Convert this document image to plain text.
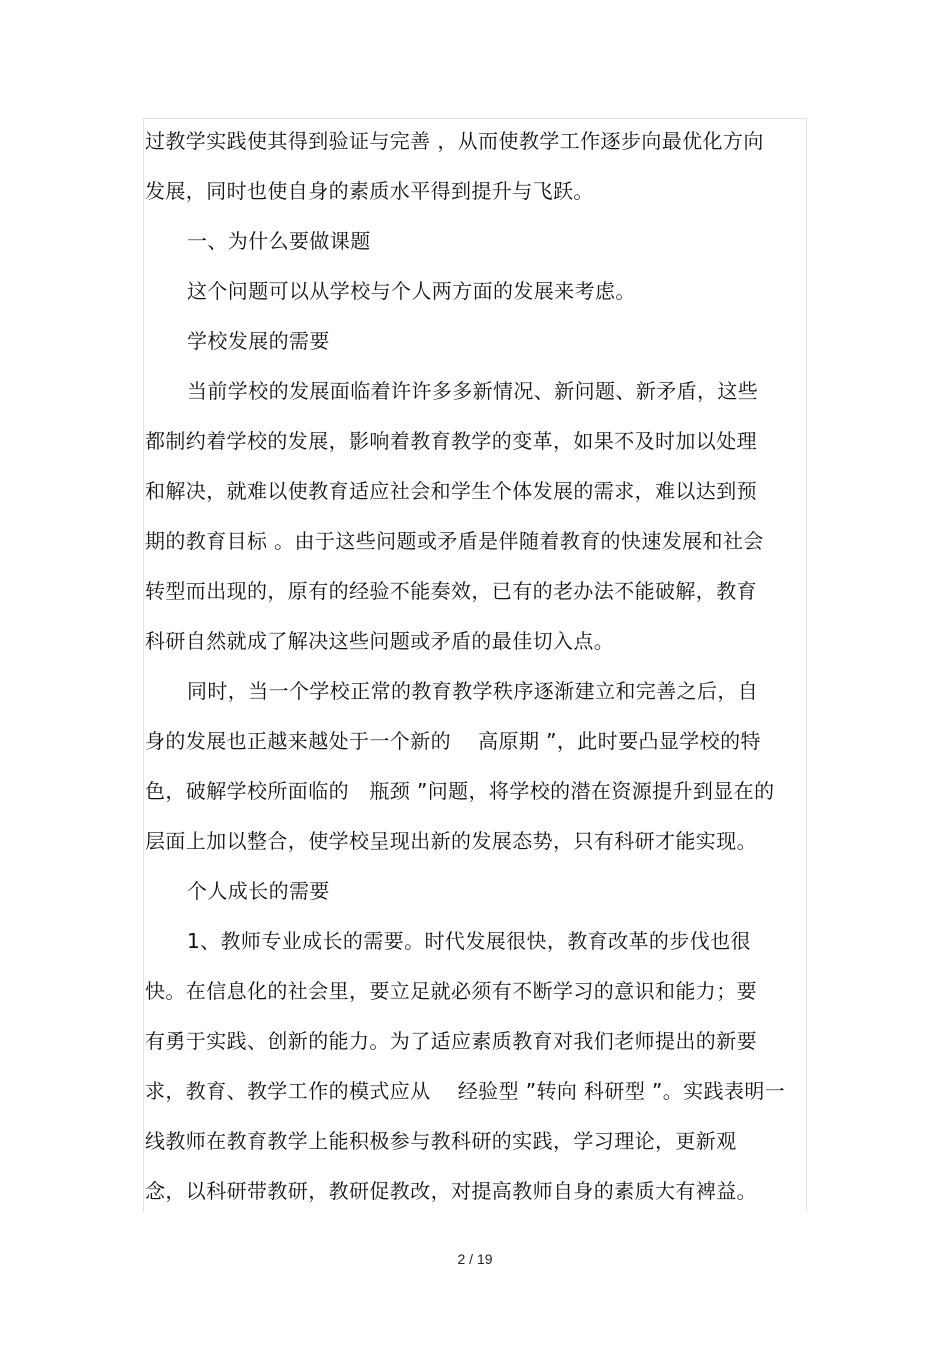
过教学实践使其得到验证与完善 ，从而使教学工作逐步向最优化方向
发展，同时也使自身的素质水平得到提升与飞跃。
一、为什么要做课题
这个问题可以从学校与个人两方面的发展来考虑。
学校发展的需要
当前学校的发展面临着许许多多新情况、新问题、新矛盾，这些
都制约着学校的发展，影响着教育教学的变革，如果不及时加以处理
和解决，就难以使教育适应社会和学生个体发展的需求，难以达到预
期的教育目标 。由于这些问题或矛盾是伴随着教育的快速发展和社会
转型而出现的，原有的经验不能奏效，已有的老办法不能破解，教育
科研自然就成了解决这些问题或矛盾的最佳切入点。
同时，当一个学校正常的教育教学秩序逐渐建立和完善之后，自
身的发展也正越来越处于一个新的　 高原期 ”，此时要凸显学校的特
色，破解学校所面临的　瓶颈 ”问题，将学校的潜在资源提升到显在的
层面上加以整合，使学校呈现出新的发展态势，只有科研才能实现。
个人成长的需要
1、教师专业成长的需要。时代发展很快，教育改革的步伐也很
快。在信息化的社会里，要立足就必须有不断学习的意识和能力；要
有勇于实践、创新的能力。为了适应素质教育对我们老师提出的新要
求，教育、教学工作的模式应从　 经验型 ”转向 科研型 ”。实践表明一
线教师在教育教学上能积极参与教科研的实践，学习理论，更新观
念，以科研带教研，教研促教改，对提高教师自身的素质大有裨益。
2 / 19
